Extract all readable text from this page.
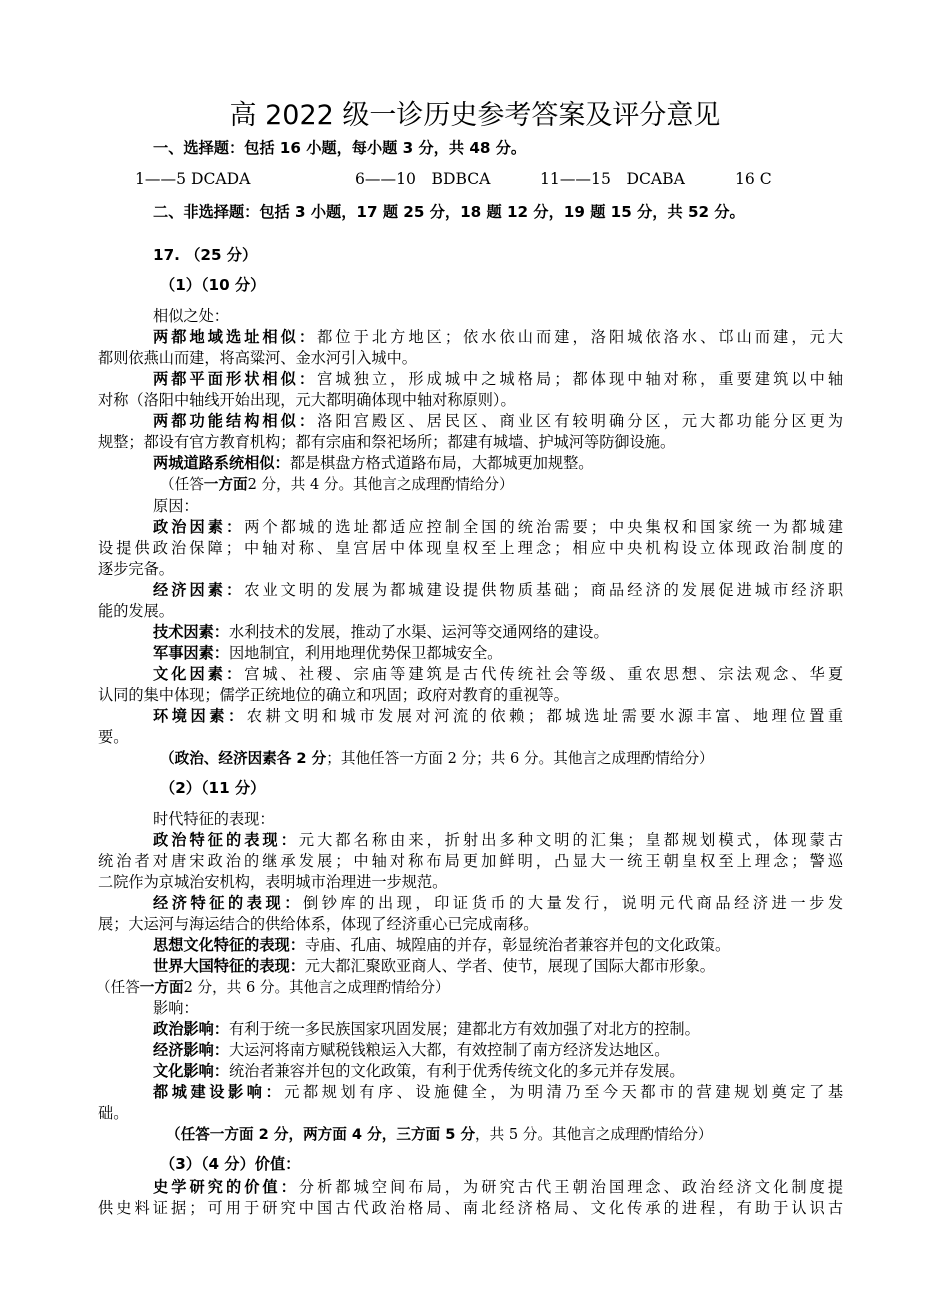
高 2022 级一诊历史参考答案及评分意见
一、选择题：包括 16 小题，每小题 3 分，共 48 分。
1——5 DCADA	6——10　BDBCA	11——15　DCABA	16 C
二、非选择题：包括 3 小题，17 题 25 分，18 题 12 分，19 题 15 分，共 52 分。
17. （25 分）
（1）（10 分）
相似之处：
两都地域选址相似：都位于北方地区；依水依山而建，洛阳城依洛水、邙山而建，元大
都则依燕山而建，将高粱河、金水河引入城中。
两都平面形状相似：宫城独立，形成城中之城格局；都体现中轴对称，重要建筑以中轴
对称（洛阳中轴线开始出现，元大都明确体现中轴对称原则）。
两都功能结构相似：洛阳宫殿区、居民区、商业区有较明确分区，元大都功能分区更为
规整；都设有官方教育机构；都有宗庙和祭祀场所；都建有城墙、护城河等防御设施。
两城道路系统相似：都是棋盘方格式道路布局，大都城更加规整。
（任答一方面2 分，共 4 分。其他言之成理酌情给分）
原因：
政治因素：两个都城的选址都适应控制全国的统治需要；中央集权和国家统一为都城建
设提供政治保障；中轴对称、皇宫居中体现皇权至上理念；相应中央机构设立体现政治制度的
逐步完备。
经济因素：农业文明的发展为都城建设提供物质基础；商品经济的发展促进城市经济职
能的发展。
技术因素：水利技术的发展，推动了水渠、运河等交通网络的建设。
军事因素：因地制宜，利用地理优势保卫都城安全。
文化因素：宫城、社稷、宗庙等建筑是古代传统社会等级、重农思想、宗法观念、华夏
认同的集中体现；儒学正统地位的确立和巩固；政府对教育的重视等。
环境因素：农耕文明和城市发展对河流的依赖；都城选址需要水源丰富、地理位置重
要。
（政治、经济因素各 2 分；其他任答一方面 2 分；共 6 分。其他言之成理酌情给分）
（2）（11 分）
时代特征的表现：
政治特征的表现：元大都名称由来，折射出多种文明的汇集；皇都规划模式，体现蒙古
统治者对唐宋政治的继承发展；中轴对称布局更加鲜明，凸显大一统王朝皇权至上理念；警巡
二院作为京城治安机构，表明城市治理进一步规范。
经济特征的表现：倒钞库的出现，印证货币的大量发行，说明元代商品经济进一步发
展；大运河与海运结合的供给体系，体现了经济重心已完成南移。
思想文化特征的表现：寺庙、孔庙、城隍庙的并存，彰显统治者兼容并包的文化政策。
世界大国特征的表现：元大都汇聚欧亚商人、学者、使节，展现了国际大都市形象。
（任答一方面2 分，共 6 分。其他言之成理酌情给分）
影响：
政治影响：有利于统一多民族国家巩固发展；建都北方有效加强了对北方的控制。
经济影响：大运河将南方赋税钱粮运入大都，有效控制了南方经济发达地区。
文化影响：统治者兼容并包的文化政策，有利于优秀传统文化的多元并存发展。
都城建设影响：元都规划有序、设施健全，为明清乃至今天都市的营建规划奠定了基
础。
（任答一方面 2 分，两方面 4 分，三方面 5 分，共 5 分。其他言之成理酌情给分）
（3）（4 分）价值：
史学研究的价值：分析都城空间布局，为研究古代王朝治国理念、政治经济文化制度提
供史料证据；可用于研究中国古代政治格局、南北经济格局、文化传承的进程，有助于认识古
